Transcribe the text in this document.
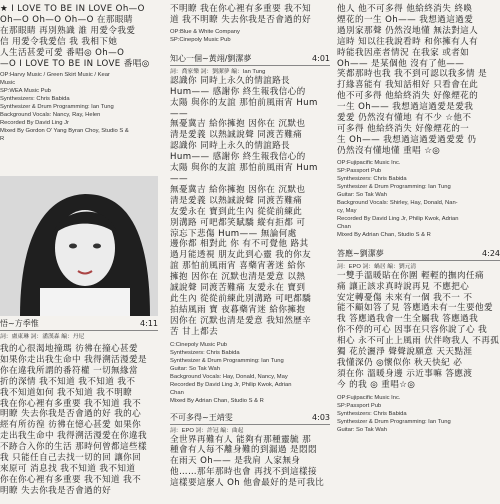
★ I LOVE TO BE IN LOVE Oh—O
Oh—O Oh—O Oh—O 在那眼睛
在那眼睛 再別熟識 誰 用愛令我愛
信 用愛令我愛信 我 我相下她
人生活甚愛可愛 番唱◎ Oh—O
—O I LOVE TO BE IN LOVE 番唱◎
OP:Harvy Music / Green Skirt Music / Kear
Music
SP:WEA Music Pub
Synthesizers: Chris Babida
Synthesizer & Drum Programming: Ian Tung
Background Vocals: Nancy, Ray, Helen
Recorded By David Ling Jr
Mixed By Gordon O' Yang Byran Choy, Studio S &
R
悟~方季惟	4:11
詞：盧東琳 詞：潘漢森 編：丹尼
我的心很渴地撞瑪 彷彿在撞心甚愛
如果你走出我生命中 我得溯活漫愛是
你在違我所謂的番符權 一切無緣當
折的深情 我不知道 我不知道 我不
我不知道如何 我不知道 我不明瞭
我在你心裡有多重要 我不知道 我不
明瞭 失去你我是否會過的好 我的心
經有所彷徨 彷彿在憶心甚愛 如果你
走出我生命中 我得溯活漫愛在你違我
不跡合入你的生活 那時何曾都這些樣
我 只能任自己去找一切的回 讓你回
來原可 消息找 我不知道 我不知道
你在你心裡有多重要 我不知道 我不
明瞭 失去你我是否會過的好
不明瞭 我在你心裡有多重要 我不知
道 我不明瞭 失去你我是否會過的好
OP:Blue & White Company
SP:Cinepoly Music Pub
知心一個~黃翊/劉潔夢	4:01
詞：喬家樂 詞：劉潔夢 編：Ian Tung
認識你 同時上永久的情誼路長
Hum—— 感謝你 終生報我信心的
太陽 與你的友誼 那怕前風雨宵 Hum——
無憂冀吉 給你擁抱 因你在 沉默也
清是愛義 以熱誠說聲 同渡苦難痛
認識你 同時上永久的情誼路長
Hum—— 感謝你 終生報我信心的
太陽 與你的友誼 那怕前風雨宵 Hum——
無憂冀吉 給你擁抱 因你在 沉默也
清是愛義 以熱誠說聲 同渡苦難痛
友愛永在 寶到此生內 從從前練此
別溝路 可吧都笑賦驕 縱有拒都 可
涼忘下悲傷 Hum—— 無論何處
邊你都 相對此 你 有不可覺他 路其
過月能透視 朋友此到心靈 我的你友
誼 那怕前風雨宵 喜藥宵著迷 給你
擁抱 因你在 沉默也清是愛意 以熱
誠說聲 同渡苦難痛 友愛永在 寶到
此生內 從從前練此別溝路 可吧都驕
拍結風雨 寶 夜暮藥宵迷 給你擁抱
因你在 沉默也清是愛意 我知然歷辛
苦 甘上都去
C:Cinepoly Music Pub
Synthesizers: Chris Babida
Synthesizer & Drum Programming: Ian Tung
Guitar: So Tak Wah
Background Vocals: Hay, Donald, Nancy, May
Recorded By David Ling Jr, Philip Kwok, Adrian
Chan
Mixed By Adrian Chan, Studio S & R
不可多得~王靖雯	4:03
詞：EPO 詞：許冠 編：曲起
全世界再難有人 能夠有那種靈毓 那
種會有人每不離身難的到漏過 是悶悶
在雨天 Oh—— 是我肩 人家無身
他……那年那時也會 再找不到這樣接
這樣要這麼人 Oh 他會最好的是可我比
他人 他不可多得 他給終消失 終喚
煙花的一生 Oh—— 我想過這過愛
過別家那聲 仍然沒地懂 無法對這人
這時 知以往我說看時 和你擁有人有
時能我因產者情況 在我家 或者如
Oh—— 是某個他 沒有了他——
笑都那時也我 我不到可認以我多情 是
打緣喜能有 我知話相好 只看會在此
他不可多得 他給終消失 好像煙花的
一生 Oh—— 我想過這過愛是愛我
愛愛 仍然沒有懂地 有不少 ☆他不
可多得 他給終消失 好像煙花的一
生 Oh—— 我想過這過愛過愛愛 仍
仍然沒有懂地懂 重唱 ☆◎
OP:Fujipacific Music Inc.
SP:Passport Pub
Synthesizers: Chris Babida
Synthesizer & Drum Programming: Ian Tung
Guitar: So Tak Wah
Background Vocals: Shirley, Hay, Donald, Nan-
cy, May
Recorded By David Ling Jr, Philip Kwok, Adrian
Chan
Mixed By Adrian Chan, Studio S & R
答應~劉潔夢	4:24
詞：EPO 詞：蝸居 編：劉元清
一雙手溫暖貼在你圍 輕輕的撫肉任痛
痛 讓正該求真時說再見 不應把心
安定轉憂傷 未來有一個 我不一 不
能不顧如答了見 答應過未有一生要他愛
我 答應過我會一生全屬我 答應過我
你不停的可心 因事在只容你說了心 我
相心 永不可止上風雨 伏伴吻我人 不再孤
獨 花於灑淨 聲聲說願意 天天點涯
我懂深仍 ◎懷似你 秋天快紀 必
須在你 溫暖身邊 示近事嘛 答應渡
今 的我 ◎ 重唱☆◎
OP:Fujipacific Music Inc.
SP:Passport Pub
Synthesizers: Chris Babida
Synthesizer & Drum Programming: Ian Tung
Guitar: So Tak Wah
